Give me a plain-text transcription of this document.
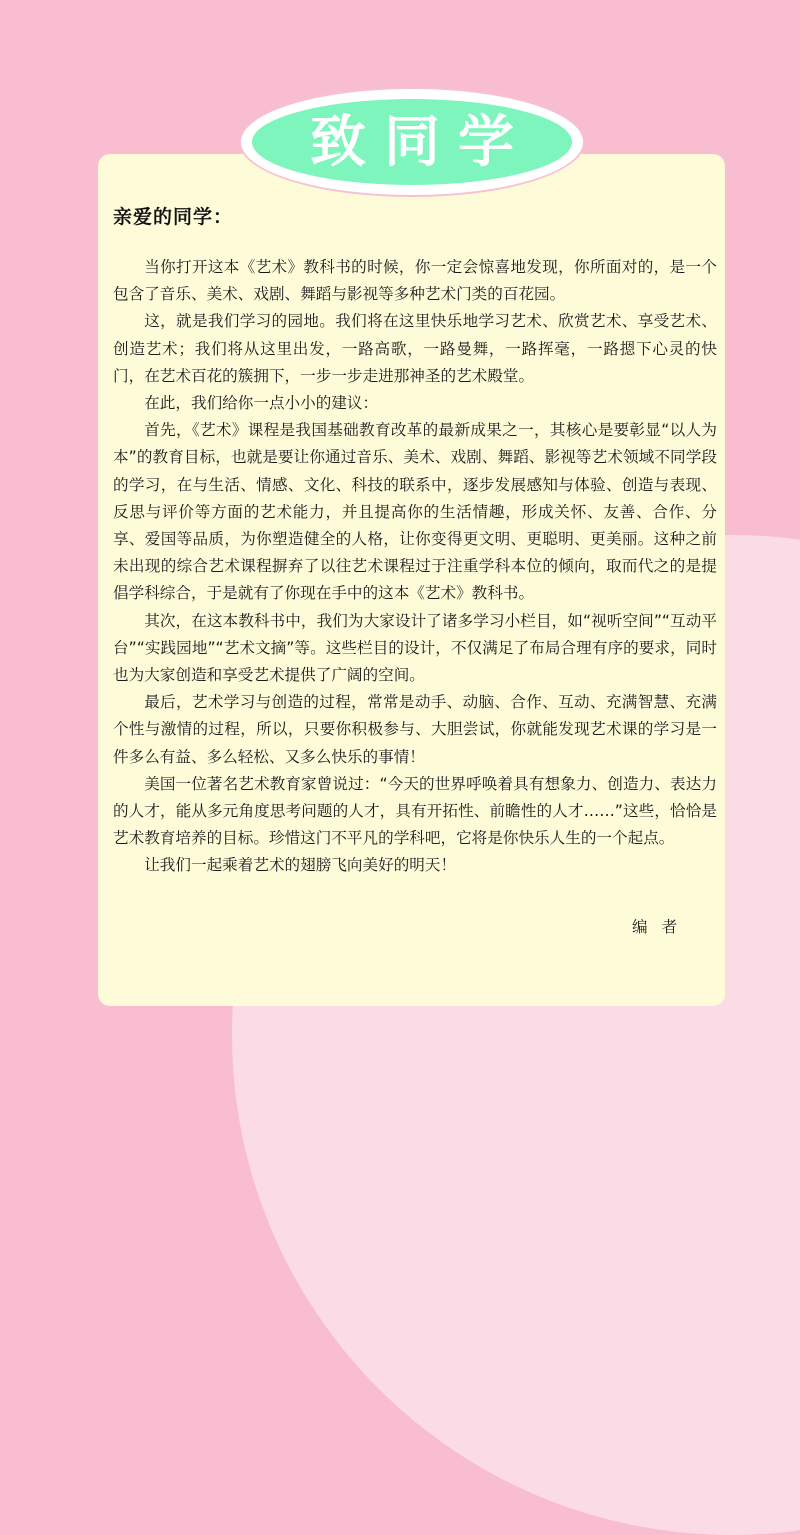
致同学
亲爱的同学：

当你打开这本《艺术》教科书的时候，你一定会惊喜地发现，你所面对的，是一个包含了音乐、美术、戏剧、舞蹈与影视等多种艺术门类的百花园。

这，就是我们学习的园地。我们将在这里快乐地学习艺术、欣赏艺术、享受艺术、创造艺术；我们将从这里出发，一路高歌，一路曼舞，一路挥毫，一路摁下心灵的快门，在艺术百花的簇拥下，一步一步走进那神圣的艺术殿堂。

在此，我们给你一点小小的建议：

首先，《艺术》课程是我国基础教育改革的最新成果之一，其核心是要彰显“以人为本”的教育目标，也就是要让你通过音乐、美术、戏剧、舞蹈、影视等艺术领域不同学段的学习，在与生活、情感、文化、科技的联系中，逐步发展感知与体验、创造与表现、反思与评价等方面的艺术能力，并且提高你的生活情趣，形成关怀、友善、合作、分享、爱国等品质，为你塑造健全的人格，让你变得更文明、更聪明、更美丽。这种之前未出现的综合艺术课程摒弃了以往艺术课程过于注重学科本位的倾向，取而代之的是提倡学科综合，于是就有了你现在手中的这本《艺术》教科书。

其次，在这本教科书中，我们为大家设计了诸多学习小栏目，如“视听空间”“互动平台”“实践园地”“艺术文摘”等。这些栏目的设计，不仅满足了布局合理有序的要求，同时也为大家创造和享受艺术提供了广阔的空间。

最后，艺术学习与创造的过程，常常是动手、动脑、合作、互动、充满智慧、充满个性与激情的过程，所以，只要你积极参与、大胆尝试，你就能发现艺术课的学习是一件多么有益、多么轻松、又多么快乐的事情！

美国一位著名艺术教育家曾说过：“今天的世界呼唤着具有想象力、创造力、表达力的人才，能从多元角度思考问题的人才，具有开拓性、前瞻性的人才……”这些，恰恰是艺术教育培养的目标。珍惜这门不平凡的学科吧，它将是你快乐人生的一个起点。

让我们一起乘着艺术的翅膀飞向美好的明天！

编者
